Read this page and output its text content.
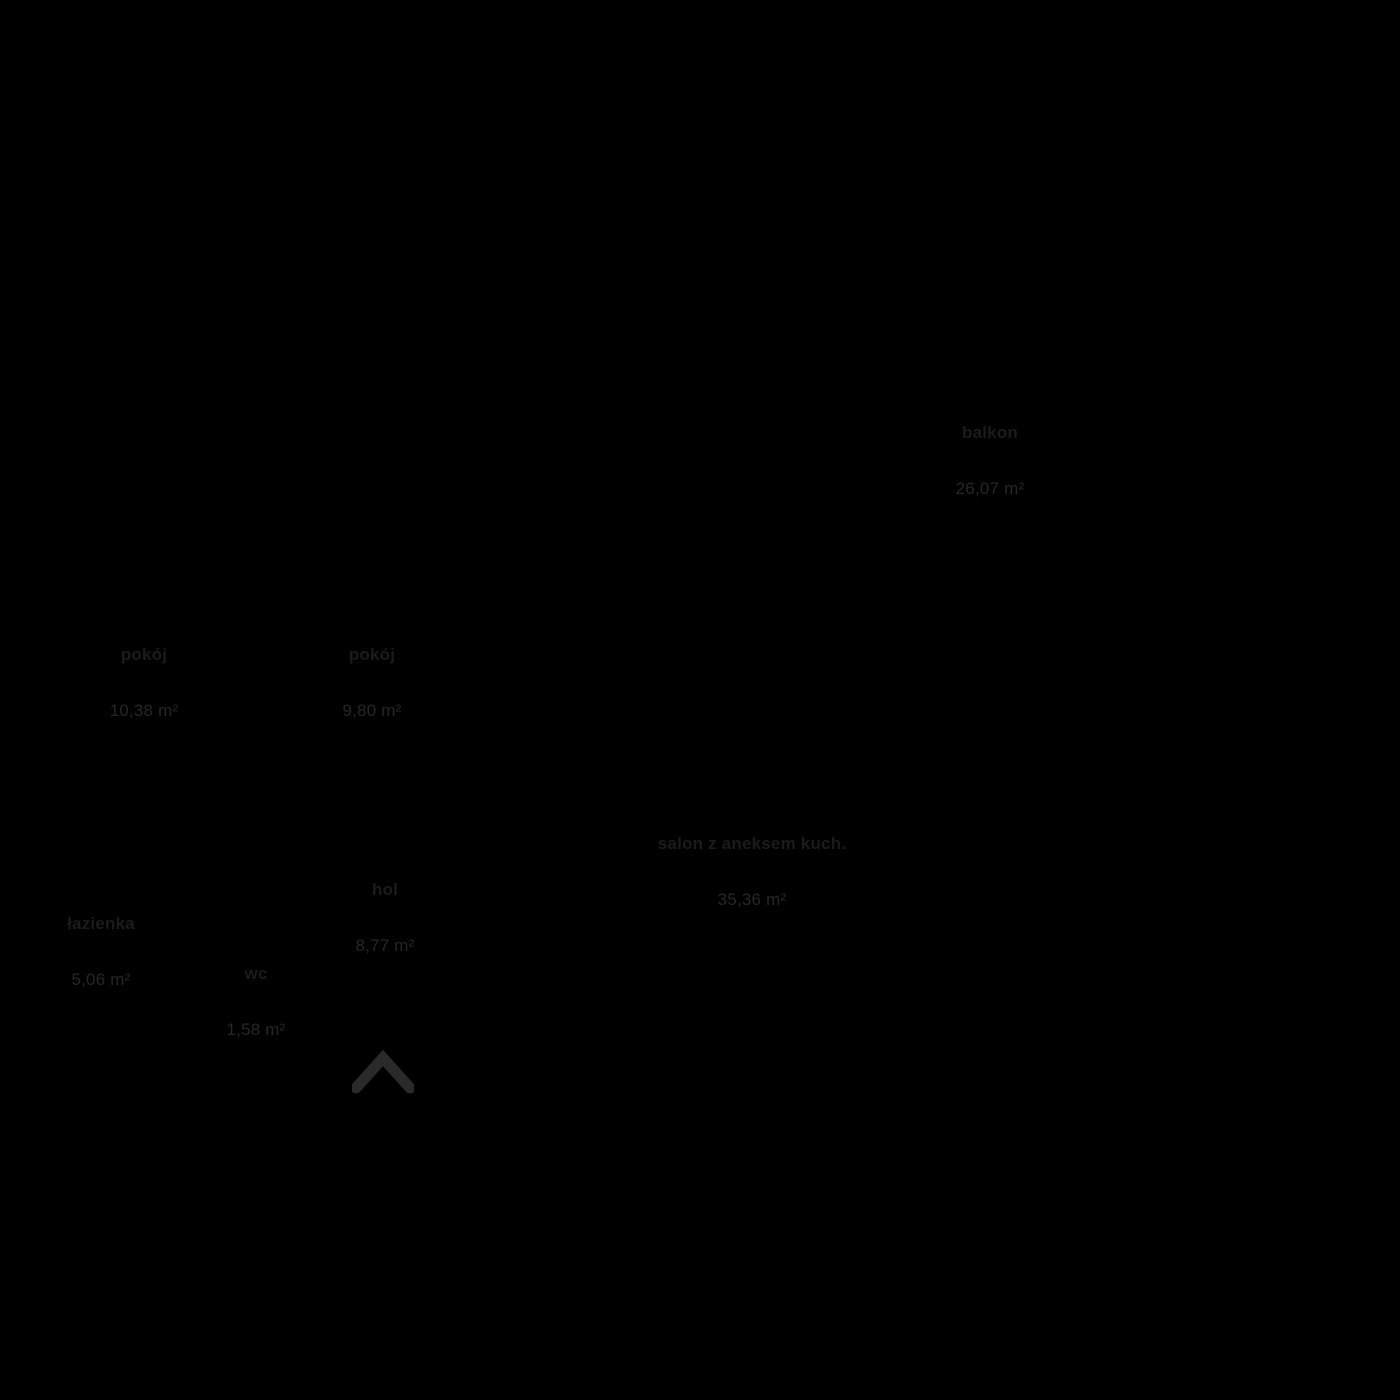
balkon

26,07 m²

pokój

10,38 m²

pokój

9,80 m²

salon z aneksem kuch.

35,36 m²

hol

8,77 m²

łazienka

5,06 m²

	wc

1,58 m²
